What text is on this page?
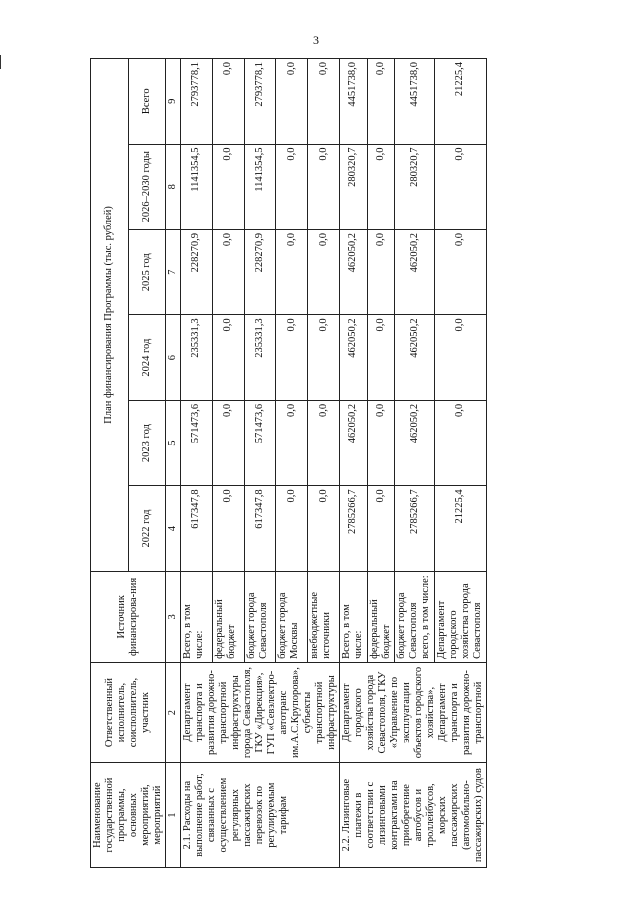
3
Наименование государственной программы, основных мероприятий, мероприятий	Ответственный исполнитель, соисполнитель, участник	Источник финансирова-ния	План финансирования Программы (тыс. рублей)					
			2022 год	2023 год	2024 год	2025 год	2026–2030 годы	Всего
1	2	3	4	5	6	7	8	9
2.1. Расходы на выполнение работ, связанных с осуществлением регулярных пассажирских перевозок по регулируемым тарифам	Департамент транспорта и развития дорожно-транспортной инфраструктуры города Севастополя, ГКУ «Дирекция», ГУП «Севэлектро-автотранс им.А.С.Крупорова», субъекты транспортной инфраструктуры	Всего, в том числе:	617347,8	571473,6	235331,3	228270,9	1141354,5	2793778,1
		федеральный бюджет	0,0	0,0	0,0	0,0	0,0	0,0
		бюджет города Севастополя	617347,8	571473,6	235331,3	228270,9	1141354,5	2793778,1
		бюджет города Москвы	0,0	0,0	0,0	0,0	0,0	0,0
		внебюджетные источники	0,0	0,0	0,0	0,0	0,0	0,0
2.2. Лизинговые платежи в соответствии с лизинговыми контрактами на приобретение автобусов и троллейбусов, морских пассажирских (автомобильно-пассажирских) судов	Департамент городского хозяйства города Севастополя, ГКУ «Управление по эксплуатации объектов городского хозяйства», Департамент транспорта и развития дорожно-транспортной	Всего, в том числе:	2785266,7	462050,2	462050,2	462050,2	280320,7	4451738,0
		федеральный бюджет	0,0	0,0	0,0	0,0	0,0	0,0
		бюджет города Севастополя всего, в том числе:	2785266,7	462050,2	462050,2	462050,2	280320,7	4451738,0
		Департамент городского хозяйства города Севастополя	21225,4	0,0	0,0	0,0	0,0	21225,4
